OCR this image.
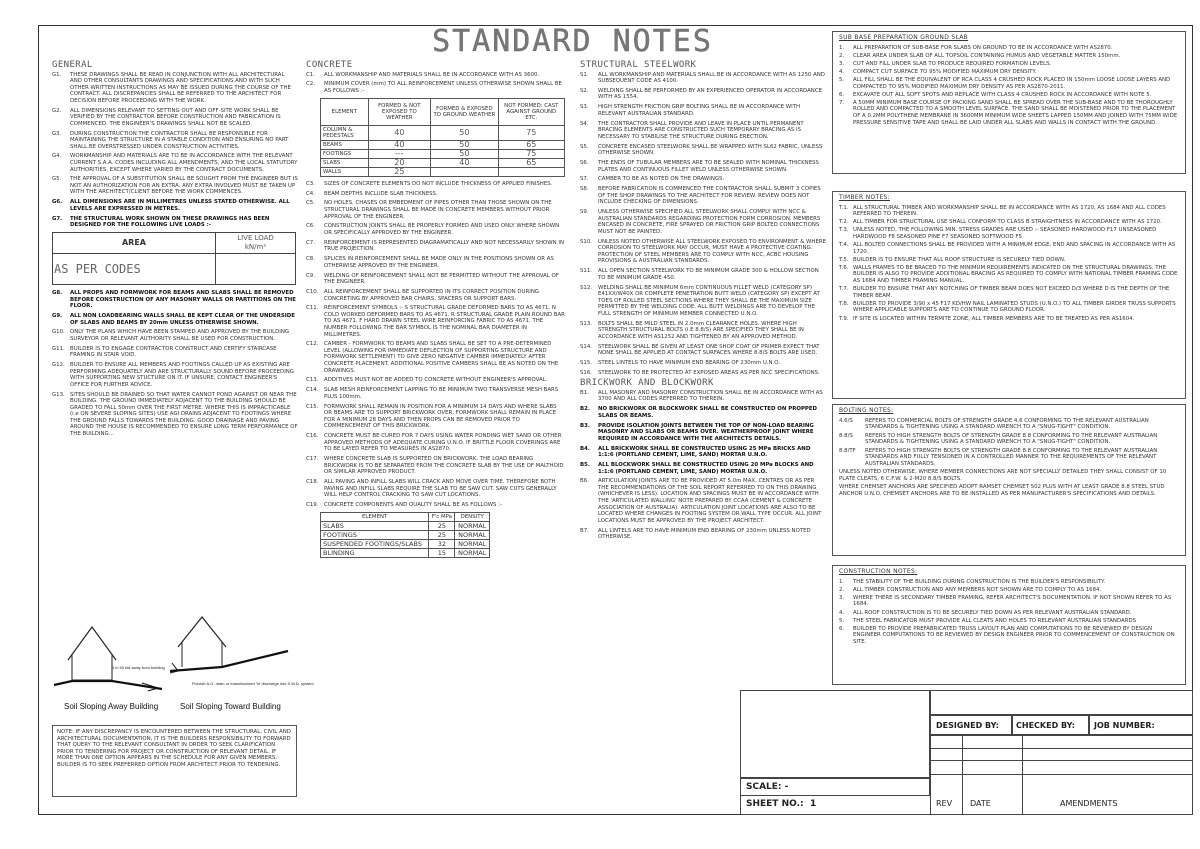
STANDARD NOTES
GENERAL
G1. THESE DRAWINGS SHALL BE READ IN CONJUNCTION WITH ALL ARCHITECTURAL AND OTHER CONSULTANTS DRAWINGS AND SPECIFICATIONS AND WITH SUCH OTHER WRITTEN INSTRUCTIONS AS MAY BE ISSUED DURING THE COURSE OF THE CONTRACT. ALL DISCREPANCIES SHALL BE REFERRED TO THE ARCHITECT FOR DECISION BEFORE PROCEEDING WITH THE WORK.
G2. ALL DIMENSIONS RELEVANT TO SETTING OUT AND OFF-SITE WORK SHALL BE VERIFIED BY THE CONTRACTOR BEFORE CONSTRUCTION AND FABRICATION IS COMMENCED. THE ENGINEER'S DRAWINGS SHALL NOT BE SCALED.
G3. DURING CONSTRUCTION THE CONTRACTOR SHALL BE RESPONSIBLE FOR MAINTAINING THE STRUCTURE IN A STABLE CONDITION AND ENSURING NO PART SHALL BE OVERSTRESSED UNDER CONSTRUCTION ACTIVITIES.
G4. WORKMANSHIP AND MATERIALS ARE TO BE IN ACCORDANCE WITH THE RELEVANT CURRENT S.A.A. CODES INCLUDING ALL AMENDMENTS, AND THE LOCAL STATUTORY AUTHORITIES, EXCEPT WHERE VARIED BY THE CONTRACT DOCUMENTS.
G5. THE APPROVAL OF A SUBSTITUTION SHALL BE SOUGHT FROM THE ENGINEER BUT IS NOT AN AUTHORIZATION FOR AN EXTRA. ANY EXTRA INVOLVED MUST BE TAKEN UP WITH THE ARCHITECT/CLIENT BEFORE THE WORK COMMENCES.
G6. ALL DIMENSIONS ARE IN MILLIMETRES UNLESS STATED OTHERWISE. ALL LEVELS ARE EXPRESSED IN METRES.
G7. THE STRUCTURAL WORK SHOWN ON THESE DRAWINGS HAS BEEN DESIGNED FOR THE FOLLOWING LIVE LOADS :-
AREA	LIVE LOAD
kN/m²

AS PER CODES	
G8. ALL PROPS AND FORMWORK FOR BEAMS AND SLABS SHALL BE REMOVED BEFORE CONSTRUCTION OF ANY MASONRY WALLS OR PARTITIONS ON THE FLOOR.
G9. ALL NON LOADBEARING WALLS SHALL BE KEPT CLEAR OF THE UNDERSIDE OF SLABS AND BEAMS BY 20mm UNLESS OTHERWISE SHOWN.
G10. ONLY THE PLANS WHICH HAVE BEEN STAMPED AND APPROVED BY THE BUILDING SURVEYOR OR RELEVANT AUTHORITY SHALL BE USED FOR CONSTRUCTION.
G11. BUILDER IS TO ENGAGE CONTRACTOR CONSTRUCT AND CERTIFY STAIRCASE FRAMING IN STAIR VOID.
G12. BUILDER TO ENSURE ALL MEMBERS AND FOOTINGS CALLED UP AS EXISTING ARE PERFORMING ADEQUATELY AND ARE STRUCTURALLY SOUND BEFORE PROCEEDING WITH SUPPORTING NEW STUCTURE ON IT. IF UNSURE, CONTACT ENGINEER'S OFFICE FOR FURTHER ADVICE.
G13. SITES SHOULD BE DRAINED SO THAT WATER CANNOT POND AGAINST OR NEAR THE BUILDING. THE GROUND IMMEDIATELY ADJACENT TO THE BUILDING SHOULD BE GRADED TO FALL 50mm OVER THE FIRST METRE. WHERE THIS IS IMPRACTICABLE (i.e ON SEVERE SLOPING SITES) USE AGI DRAINS ADJACENT TO FOOTINGS WHERE THE GROUND FALLS TOWARDS THE BUILDING. GOOD DRAINAGE AND PAVING AROUND THE HOUSE IS RECOMMENDED TO ENSURE LONG TERM PERFORMANCE OF THE BUILDING...
1 in 50 fall away from building
Provide A.G. drain or manufactured "ie discharge into S.W.D. system
Soil Sloping Away Building	Soil Sloping Toward Building
NOTE: IF ANY DISCREPANCY IS ENCOUNTERED BETWEEN THE STRUCTURAL, CIVIL AND ARCHITECTURAL DOCUMENTATION, IT IS THE BUILDERS RESPONSIBILITY TO FORWARD THAT QUERY TO THE RELEVANT CONSULTANT IN ORDER TO SEEK CLARIFICATION PRIOR TO TENDERING FOR PROJECT OR CONSTRUCTION OF RELEVANT DETAIL. IF MORE THAN ONE OPTION APPEARS IN THE SCHEDULE FOR ANY GIVEN MEMBERS, BUILDER IS TO SEEK PREFERRED OPTION FROM ARCHITECT PRIOR TO TENDERING.
CONCRETE
C1. ALL WORKMANSHIP AND MATERIALS SHALL BE IN ACCORDANCE WITH AS 3600.
C2. MINIMUM COVER (mm) TO ALL REINFORCEMENT UNLESS OTHERWISE SHOWN SHALL BE AS FOLLOWS :-
ELEMENT	FORMED & NOT EXPOSED TO WEATHER	FORMED & EXPOSED TO GROUND WEATHER	NOT FORMED: CAST AGAINST GROUND ETC.
COLUMN & PEDESTALS	40	50	75
BEAMS	40	50	65
FOOTINGS	---	50	75
SLABS	20	40	65
WALLS	25		
C3. SIZES OF CONCRETE ELEMENTS DO NOT INCLUDE THICKNESS OF APPLIED FINISHES.
C4. BEAM DEPTHS INCLUDE SLAB THICKNESS.
C5. NO HOLES, CHASES OR EMBEDMENT OF PIPES OTHER THAN THOSE SHOWN ON THE STRUCTURAL DRAWINGS SHALL BE MADE IN CONCRETE MEMBERS WITHOUT PRIOR APPROVAL OF THE ENGINEER.
C6. CONSTRUCTION JOINTS SHALL BE PROPERLY FORMED AND USED ONLY WHERE SHOWN OR SPECIFICALLY APPROVED BY THE ENGINEER.
C7. REINFORCEMENT IS REPRESENTED DIAGRAMATICALLY AND NOT NECESSARILY SHOWN IN TRUE PROJECTION.
C8. SPLICES IN REINFORCEMENT SHALL BE MADE ONLY IN THE POSITIONS SHOWN OR AS OTHERWISE APPROVED BY THE ENGINEER.
C9. WELDING OF REINFORCEMENT SHALL NOT BE PERMITTED WITHOUT THE APPROVAL OF THE ENGINEER.
C10. ALL REINFORCEMENT SHALL BE SUPPORTED IN ITS CORRECT POSITION DURING CONCRETING BY APPROVED BAR CHAIRS, SPACERS OR SUPPORT BARS.
C11. REINFORCEMENT SYMBOLS :- S STRUCTURAL GRADE DEFORMED BARS TO AS 4671. N COLD WORKED DEFORMED BARS TO AS 4671. R STRUCTURAL GRADE PLAIN ROUND BAR TO AS 4671. F HARD DRAWN STEEL WIRE REINFORCING FABRIC TO AS 4671. THE NUMBER FOLLOWING THE BAR SYMBOL IS THE NOMINAL BAR DIAMETER IN MILLIMETRES.
C12. CAMBER - FORMWORK TO BEAMS AND SLABS SHALL BE SET TO A PRE-DETERMINED LEVEL (ALLOWING FOR IMMEDIATE DEFLECTION OF SUPPORTING STRUCTURE AND FORMWORK SETTLEMENT) TO GIVE ZERO NEGATIVE CAMBER IMMEDIATELY AFTER CONCRETE PLACEMENT. ADDITIONAL POSITIVE CAMBERS SHALL BE AS NOTED ON THE DRAWINGS.
C13. ADDITIVES MUST NOT BE ADDED TO CONCRETE WITHOUT ENGINEER'S APPROVAL.
C14. SLAB MESH REINFORCEMENT LAPPING TO BE MINIMUM TWO TRANSVERSE MESH BARS PLUS 100mm.
C15. FORMWORK SHALL REMAIN IN POSITION FOR A MINIMUM 14 DAYS AND WHERE SLABS OR BEAMS ARE TO SUPPORT BRICKWORK OVER, FORMWORK SHALL REMAIN IN PLACE FOR A MINIMUM 28 DAYS AND THEN PROPS CAN BE REMOVED PRIOR TO COMMENCEMENT OF THIS BRICKWORK.
C16. CONCRETE MUST BE CURED FOR 7 DAYS USING WATER PONDING WET SAND OR OTHER APPROVED METHODS OF ADEQUATE CURING U.N.O. IF BRITTLE FLOOR COVERINGS ARE TO BE LAYED REFER TO MEASURES IN AS2870.
C17. WHERE CONCRETE SLAB IS SUPPORTED ON BRICKWORK, THE LOAD BEARING BRICKWORK IS TO BE SEPARATED FROM THE CONCRETE SLAB BY THE USE OF MALTHOID OR SIMILAR APPROVED PRODUCT.
C18. ALL PAVING AND INFILL SLABS WILL CRACK AND MOVE OVER TIME. THEREFORE BOTH PAVING AND INFILL SLABS REQUIRE THE SLAB TO BE SAW CUT. SAW CUTS GENERALLY WILL HELP CONTROL CRACKING TO SAW CUT LOCATIONS.
C19. CONCRETE COMPONENTS AND QUALITY SHALL BE AS FOLLOWS :-
ELEMENT	F'c MPa	DENSITY
SLABS	25	NORMAL
FOOTINGS	25	NORMAL
SUSPENDED FOOTINGS/SLABS	32	NORMAL
BLINDING	15	NORMAL
STRUCTURAL STEELWORK
S1. ALL WORKMANSHIP AND MATERIALS SHALL BE IN ACCORDANCE WITH AS 1250 AND SUBSEQUENT CODE AS 4100.
S2. WELDING SHALL BE PERFORMED BY AN EXPERIENCED OPERATOR IN ACCORDANCE WITH AS 1554.
S3. HIGH STRENGTH FRICTION GRIP BOLTING SHALL BE IN ACCORDANCE WITH RELEVANT AUSTRALIAN STANDARD.
S4. THE CONTRACTOR SHALL PROVIDE AND LEAVE IN PLACE UNTIL PERMANENT BRACING ELEMENTS ARE CONSTRUCTED SUCH TEMPORARY BRACING AS IS NECESSARY TO STABILISE THE STRUCTURE DURING ERECTION.
S5. CONCRETE ENCASED STEELWORK SHALL BE WRAPPED WITH SL62 FABRIC, UNLESS OTHERWISE SHOWN.
S6. THE ENDS OF TUBULAR MEMBERS ARE TO BE SEALED WITH NOMINAL THICKNESS PLATES AND CONTINUOUS FILLET WELD UNLESS OTHERWISE SHOWN.
S7. CAMBER TO BE AS NOTED ON THE DRAWINGS.
S8. BEFORE FABRICATION IS COMMENCED THE CONTRACTOR SHALL SUBMIT 3 COPIES OF THE SHOP DRAWINGS TO THE ARCHITECT FOR REVIEW. REVIEW DOES NOT INCLUDE CHECKING OF DIMENSIONS.
S9. UNLESS OTHERWISE SPECIFIED ALL STEELWORK SHALL COMPLY WITH NCC & AUSTRALIAN STANDARDS REGARDING PROTECTION FORM CORROSION. MEMBERS ENCASED IN CONCRETE, FIRE SPRAYED OR FRICTION GRIP BOLTED CONNECTIONS MUST NOT BE PAINTED.
S10. UNLESS NOTED OTHERWISE ALL STEELWORK EXPOSED TO ENVIRONMENT & WHERE CORROSION TO STEELWORK MAY OCCUR, MUST HAVE A PROTECTIVE COATING. PROTECTION OF STEEL MEMBERS ARE TO COMPLY WITH NCC, ACBC HOUSING PROVISIONS & AUSTRALIAN STANDARDS.
S11. ALL OPEN SECTION STEELWORK TO BE MINIMUM GRADE 300 & HOLLOW SECTION TO BE MINIMUM GRADE 450.
S12. WELDING SHALL BE MINIMUM 6mm CONTINUOUS FILLET WELD (CATEGORY SP) E41XX/W40X OR COMPLETE PENETRATION BUTT WELD (CATEGORY SP) EXCEPT AT TOES OF ROLLED STEEL SECTIONS WHERE THEY SHALL BE THE MAXIMUM SIZE PERMITTED BY THE WELDING CODE. ALL BUTT WELDINGS ARE TO DEVELOP THE FULL STRENGTH OF MINIMUM MEMBER CONNECTED U.N.O.
S13. BOLTS SHALL BE MILD STEEL IN 2.0mm CLEARANCE HOLES. WHERE HIGH STRENGTH STRUCTURAL BOLTS (i.E 8.8/S) ARE SPECIFIED THEY SHALL BE IN ACCORDANCE WITH AS1252 AND TIGHTENED BY AN APPROVED METHOD.
S14. STEELWORK SHALL BE GIVEN AT LEAST ONE SHOP COAT OF PRIMER EXPECT THAT NONE SHALL BE APPLIED AT CONTACT SURFACES WHERE 8.8/S BOLTS ARE USED.
S15. STEEL LINTELS TO HAVE MINIMUM END BEARING OF 230mm U.N.O.
S16. STEELWORK TO BE PROTECTED AT EXPOSED AREAS AS PER NCC SPECIFICATIONS.
BRICKWORK AND BLOCKWORK
B1. ALL MASONRY AND MASONRY CONSTRUCTION SHALL BE IN ACCORDANCE WITH AS 3700 AND ALL CODES REFERRED TO THEREIN.
B2. NO BRICKWORK OR BLOCKWORK SHALL BE CONSTRUCTED ON PROPPED SLABS OR BEAMS.
B3. PROVIDE ISOLATION JOINTS BETWEEN THE TOP OF NON-LOAD BEARING MASONRY AND SLABS OR BEAMS OVER. WEATHERPROOF JOINT WHERE REQUIRED IN ACCORDANCE WITH THE ARCHITECTS DETAILS.
B4. ALL BRICKWORK SHALL BE CONSTRUCTED USING 25 MPa BRICKS AND 1:1:6 (PORTLAND CEMENT, LIME, SAND) MORTAR U.N.O.
B5. ALL BLOCKWORK SHALL BE CONSTRUCTED USING 20 MPa BLOCKS AND 1:1:6 (PORTLAND CEMENT, LIME, SAND) MORTAR U.N.O.
B6. ARTICULATION JOINTS ARE TO BE PROVIDED AT 5.0m MAX. CENTRES OR AS PER THE RECOMMENDATIONS OF THE SOIL REPORT REFERRED TO ON THIS DRAWING (WHICHEVER IS LESS). LOCATION AND SPACINGS MUST BE IN ACCORDANCE WITH THE 'ARTICULATED WALLING' NOTE PREPARED BY CCAA (CEMENT & CONCRETE ASSOCIATION OF AUSTRALIA). ARTICULATION JOINT LOCATIONS ARE ALSO TO BE LOCATED WHERE CHANGES IN FOOTING SYSTEM OR WALL TYPE OCCUR. ALL JOINT LOCATIONS MUST BE APPROVED BY THE PROJECT ARCHITECT.
B7. ALL LINTELS ARE TO HAVE MINIMUM END BEARING OF 230mm UNLESS NOTED OTHERWISE.
SUB BASE PREPARATION GROUND SLAB
1. ALL PREPARATION OF SUB-BASE FOR SLABS ON GROUND TO BE IN ACCORDANCE WITH AS2870.
2. CLEAR AREA UNDER SLAB OF ALL TOPSOIL CONTAINING HUMUS AND VEGETABLE MATTER 150mm.
3. CUT AND FILL UNDER SLAB TO PRODUCE REQUIRED FORMATION LEVELS.
4. COMPACT CUT SURFACE TO 95% MODIFIED MAXIMUM DRY DENSITY.
5. ALL FILL SHALL BE THE EQUIVALENT OF RCA CLASS 4 CRUSHED ROCK PLACED IN 150mm LOOSE LOOSE LAYERS AND COMPACTED TO 95% MODIFIED MAXIMUM DRY DENSITY AS PER AS2870-2011.
6. EXCAVATE OUT ALL SOFT SPOTS AND REPLACE WITH CLASS 4 CRUSHED ROCK IN ACCORDANCE WITH NOTE 5.
7. A 50MM MINIMUM BASE COURSE OF PACKING SAND SHALL BE SPREAD OVER THE SUB-BASE AND TO BE THOROUGHLY ROLLED AND COMPACTED TO A SMOOTH LEVEL SURFACE. THE SAND SHALL BE MOISTENED PRIOR TO THE PLACEMENT OF A 0.2MM POLYTHENE MEMBRANE IN 3600MM MINIMUM WIDE SHEETS LAPPED 150MM AND JOINED WITH 75MM WIDE PRESSURE SENSITIVE TAPE AND SHALL BE LAID UNDER ALL SLABS AND WALLS IN CONTACT WITH THE GROUND.
TIMBER NOTES:
T.1. ALL STRUCTURAL TIMBER AND WORKMANSHIP SHALL BE IN ACCORDANCE WITH AS 1720, AS 1684 AND ALL CODES REFERRED TO THEREIN.
T.2. ALL TIMBER FOR STRUCTURAL USE SHALL CONFORM TO CLASS B STRAIGHTNESS IN ACCORDANCE WITH AS 1720.
T.3. UNLESS NOTED, THE FOLLOWING MIN. STRESS GRADES ARE USED :- SEASONED HARDWOOD F17 UNSEASONED HARDWOOD F8 SEASONED PINE F7 SEASONED SOFTWOOD F5
T.4. ALL BOLTED CONNECTIONS SHALL BE PROVIDED WITH A MINIMUM EDGE, END AND SPACING IN ACCORDANCE WITH AS 1720.
T.5. BUILDER IS TO ENSURE THAT ALL ROOF STRUCTURE IS SECURELY TIED DOWN.
T.6. WALLS FRAMES TO BE BRACED TO THE MINIMUM REQUIREMENTS INDICATED ON THE STRUCTURAL DRAWINGS. THE BUILDER IS ALSO TO PROVIDE ADDITIONAL BRACING AS REQUIRED TO COMPLY WITH NATIONAL TIMBER FRAMING CODE AS 1684 AND TIMBER FRAMING MANUAL.
T.7. BUILDER TO ENSURE THAT ANY NOTCHING OF TIMBER BEAM DOES NOT EXCEED D/3 WHERE D IS THE DEPTH OF THE TIMBER BEAM.
T.8. BUILDER TO PROVIDE 3/90 x 45 F17 KD/HW NAIL LAMINATED STUDS (U.N.O.) TO ALL TIMBER GIRDER TRUSS SUPPORTS WHERE APPLICABLE SUPPORTS ARE TO CONTINUE TO GROUND FLOOR.
T.9. IF SITE IS LOCATED WITHIN TERMITE ZONE, ALL TIMBER MEMBERS ARE TO BE TREATED AS PER AS1604.
BOLTING NOTES:
4.6/S REFERS TO COMMERCIAL BOLTS OF STRENGTH GRADE 4.6 CONFORMING TO THE RELEVANT AUSTRALIAN STANDARDS & TIGHTENING USING A STANDARD WRENCH TO A "SNUG-TIGHT" CONDITION.
8.8/S REFERS TO HIGH STRENGTH BOLTS OF STRENGTH GRADE 8.8 CONFORMING TO THE RELEVANT AUSTRALIAN STANDARDS & TIGHTENING USING A STANDARD WRENCH TO A "SNUG-TIGHT" CONDITION.
8.8/TF REFERS TO HIGH STRENGTH BOLTS OF STRENGTH GRADE 8.8 CONFORMING TO THE RELEVANT AUSTRALIAN STANDARDS AND FULLY TENSIONED IN A CONTROLLED MANNER TO THE REQUIREMENTS OF THE RELEVANT AUSTRALIAN STANDARDS.
UNLESS NOTED OTHERWISE, WHERE MEMBER CONNECTIONS ARE NOT SPECIALLY DETAILED THEY SHALL CONSIST OF 10 PLATE CLEATS, 6 C.F.W. & 2-M20 8.8/S BOLTS.
WHERE CHEMSET ANCHORS ARE SPECIFIED ADOPT RAMSET CHEMSET 502 PLUS WITH AT LEAST GRADE 8.8 STEEL STUD ANCHOR U.N.O. CHEMSET ANCHORS ARE TO BE INSTALLED AS PER MANUFACTURER'S SPECIFICATIONS AND DETAILS.
CONSTRUCTION NOTES:
1. THE STABILITY OF THE BUILDING DURING CONSTRUCTION IS THE BUILDER'S RESPONSIBILITY.
2. ALL TIMBER CONSTRUCTION AND ANY MEMBERS NOT SHOWN ARE TO COMPLY TO AS 1684.
3. WHERE THERE IS SECONDARY TIMBER FRAMING, REFER ARCHITECT'S DOCUMENTATION. IF NOT SHOWN REFER TO AS 1684.
4. ALL ROOF CONSTRUCTION IS TO BE SECURELY TIED DOWN AS PER RELEVANT AUSTRALIAN STANDARD.
5. THE STEEL FABRICATOR MUST PROVIDE ALL CLEATS AND HOLES TO RELEVANT AUSTRALIAN STANDARDS
6. BUILDER TO PROVIDE PREFABRICATED TRUSS LAYOUT PLAN AND COMPUTATIONS TO BE REVIEWED BY DESIGN ENGINEER COMPUTATIONS TO BE REVIEWED BY DESIGN ENGINEER PRIOR TO COMMENCEMENT OF CONSTRUCTION ON SITE.
SCALE: -
SHEET NO.: 1
DESIGNED BY: CHECKED BY: JOB NUMBER:
REV DATE	AMENDMENTS
